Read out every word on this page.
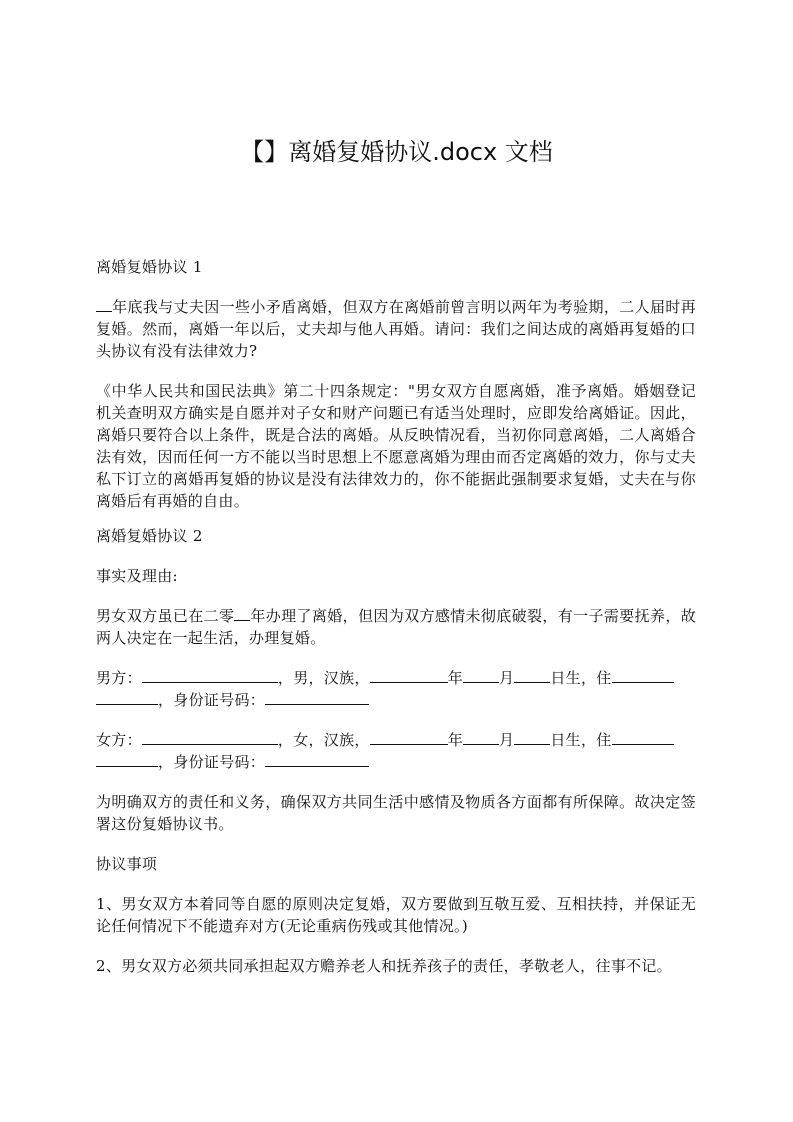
【】离婚复婚协议.docx 文档

离婚复婚协议 1

年底我与丈夫因一些小矛盾离婚，但双方在离婚前曾言明以两年为考验期，二人届时再复婚。然而，离婚一年以后，丈夫却与他人再婚。请问：我们之间达成的离婚再复婚的口头协议有没有法律效力?

《中华人民共和国民法典》第二十四条规定："男女双方自愿离婚，准予离婚。婚姻登记机关查明双方确实是自愿并对子女和财产问题已有适当处理时，应即发给离婚证。因此，离婚只要符合以上条件，既是合法的离婚。从反映情况看，当初你同意离婚，二人离婚合法有效，因而任何一方不能以当时思想上不愿意离婚为理由而否定离婚的效力，你与丈夫私下订立的离婚再复婚的协议是没有法律效力的，你不能据此强制要求复婚，丈夫在与你离婚后有再婚的自由。

离婚复婚协议 2

事实及理由:

男女双方虽已在二零 年办理了离婚，但因为双方感情未彻底破裂，有一子需要抚养，故两人决定在一起生活，办理复婚。

男方：	，男，汉族，	年 月 日生，住
，身份证号码：

女方：	，女，汉族，	年 月 日生，住
，身份证号码：

为明确双方的责任和义务，确保双方共同生活中感情及物质各方面都有所保障。故决定签署这份复婚协议书。

协议事项

1、男女双方本着同等自愿的原则决定复婚，双方要做到互敬互爱、互相扶持，并保证无论任何情况下不能遗弃对方(无论重病伤残或其他情况。)

2、男女双方必须共同承担起双方赡养老人和抚养孩子的责任，孝敬老人，往事不记。
